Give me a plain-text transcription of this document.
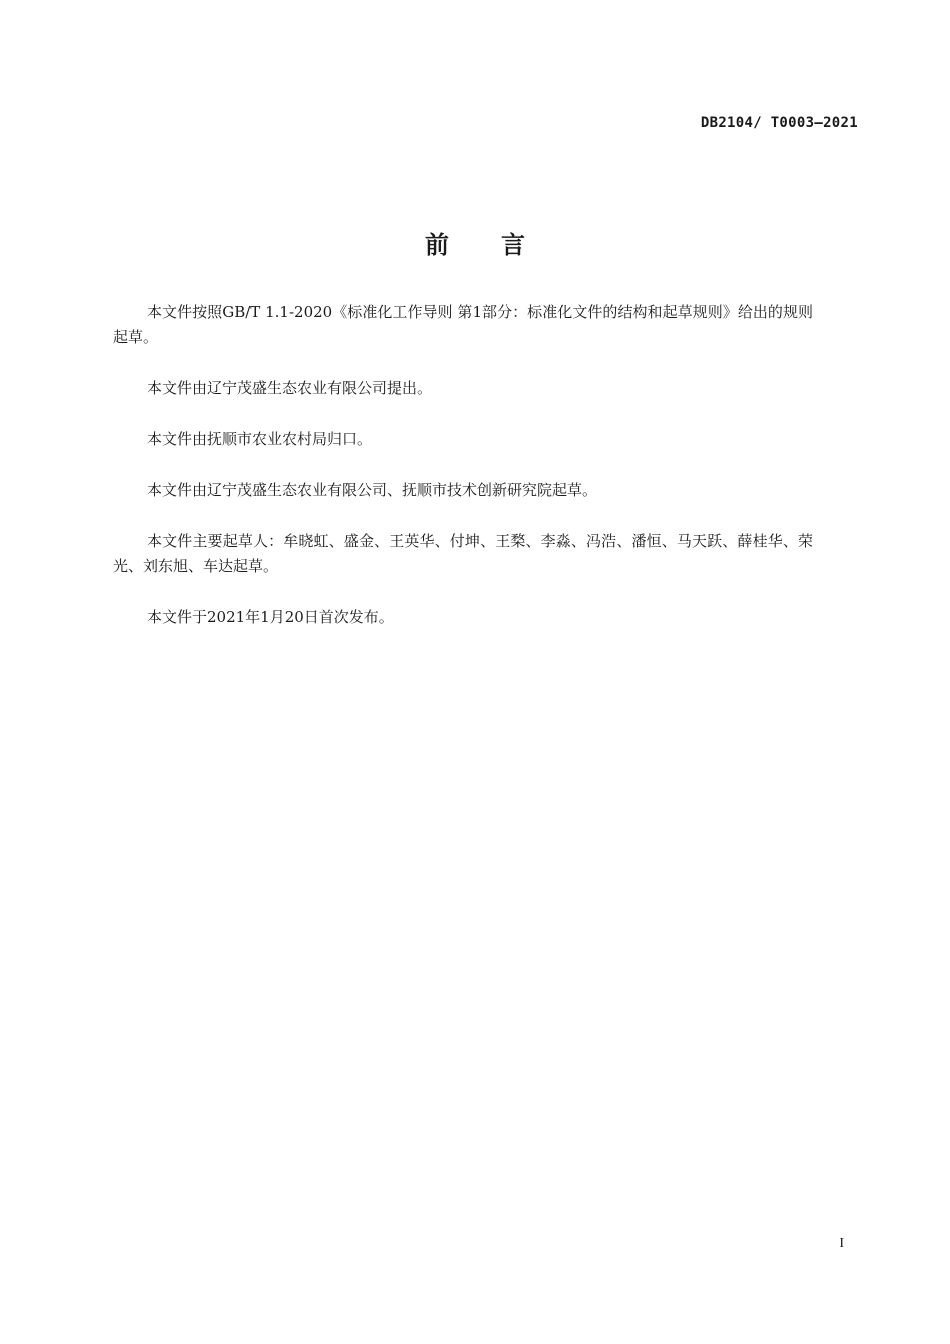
DB2104/ T0003—2021
前言

本文件按照GB/T 1.1-2020《标准化工作导则 第1部分：标准化文件的结构和起草规则》给出的规则起草。

本文件由辽宁茂盛生态农业有限公司提出。

本文件由抚顺市农业农村局归口。

本文件由辽宁茂盛生态农业有限公司、抚顺市技术创新研究院起草。

本文件主要起草人：牟晓虹、盛金、王英华、付坤、王楘、李淼、冯浩、潘恒、马天跃、薛桂华、荣光、刘东旭、车达起草。

本文件于2021年1月20日首次发布。

I
